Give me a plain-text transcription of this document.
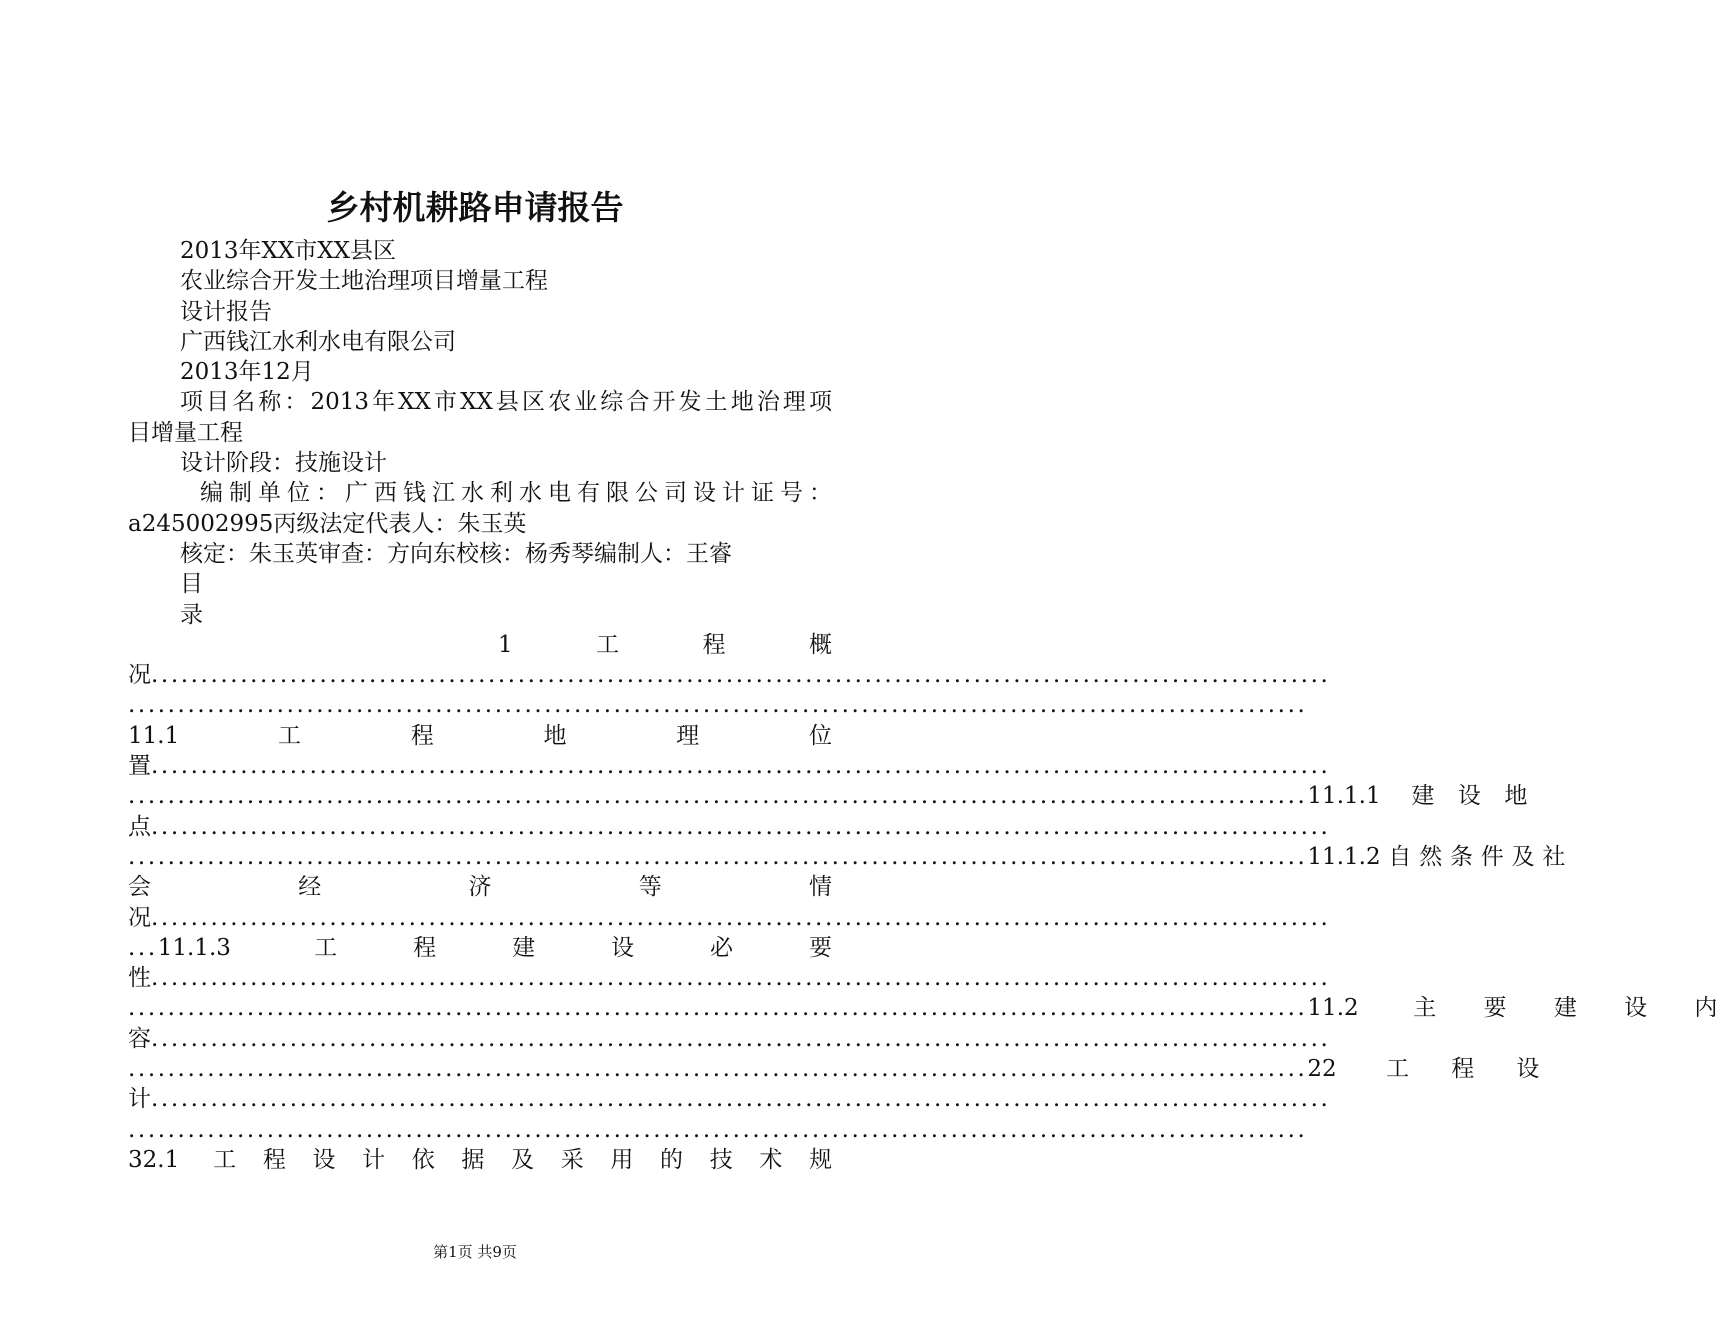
乡村机耕路申请报告
2013年XX市XX县区
农业综合开发土地治理项目增量工程
设计报告
广西钱江水利水电有限公司
2013年12月
项目名称：2013年XX市XX县区农业综合开发土地治理项
目增量工程
设计阶段：技施设计
编制单位：广西钱江水利水电有限公司设计证号：
a245002995丙级法定代表人：朱玉英
核定：朱玉英审查：方向东校核：杨秀琴编制人：王睿
目
录
1工程概
况 .......................................................................................................................
.......................................................................................................................
11.1	工程地理位
置 .......................................................................................................................
....................................................................................................................... 11.1.1 建设地
点 .......................................................................................................................
....................................................................................................................... 11.1.2自然条件及社
会经济等情
况 .......................................................................................................................
... 11.1.3 工程建设必要
性 .......................................................................................................................
....................................................................................................................... 11.2 主要建设内
容 .......................................................................................................................
....................................................................................................................... 22 工程设
计 .......................................................................................................................
.......................................................................................................................
32.1 工程设计依据及采用的技术规
第1页 共9页
